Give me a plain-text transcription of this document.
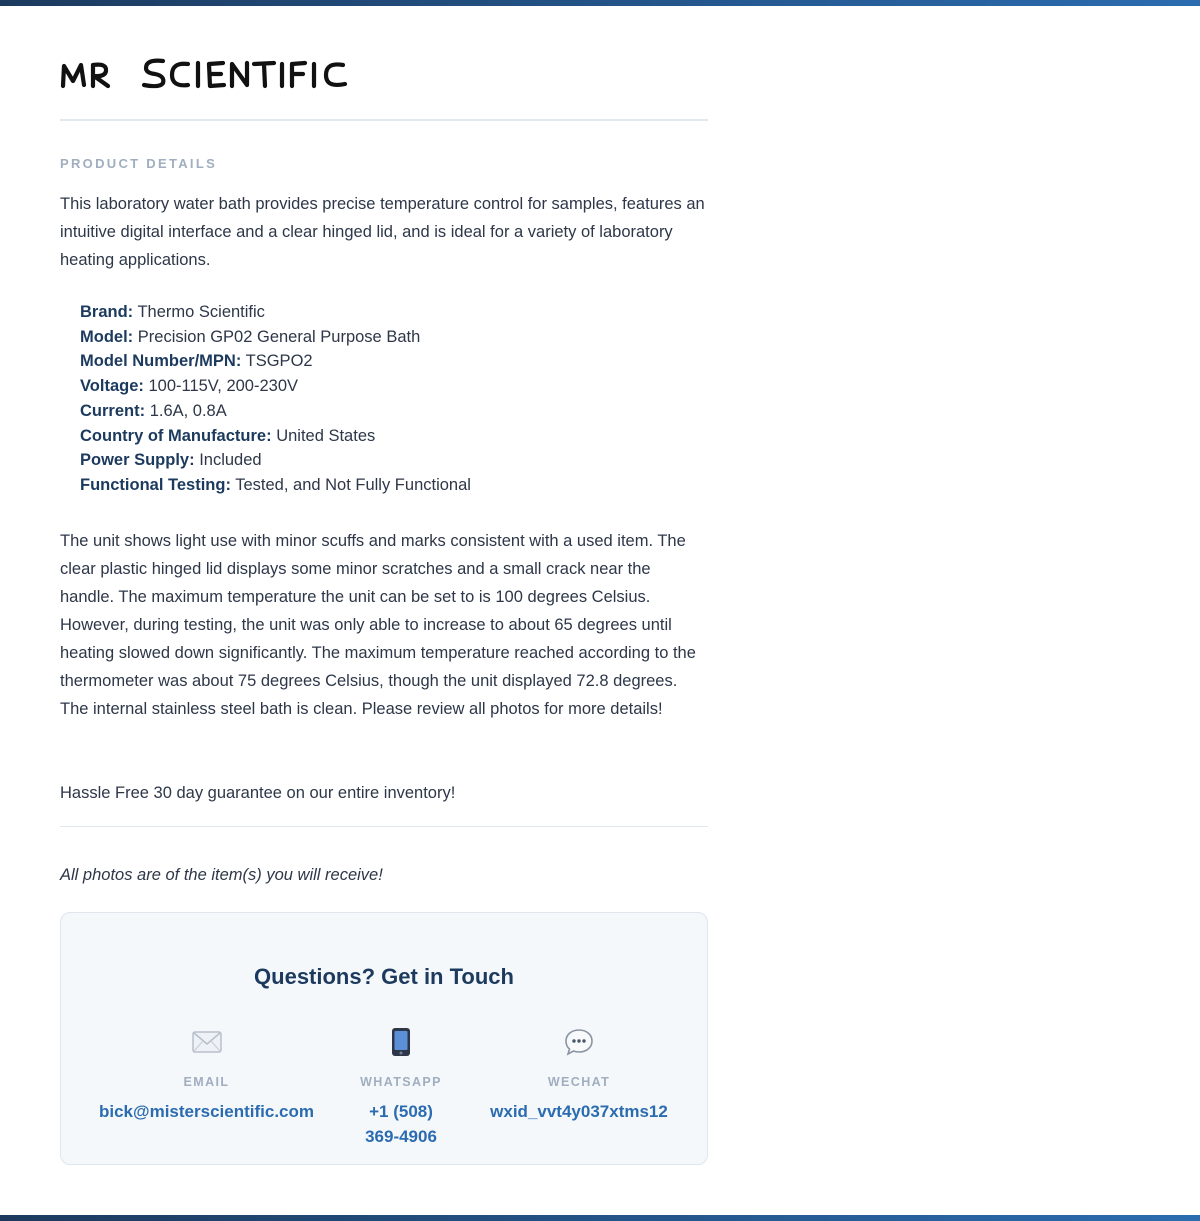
PRODUCT DETAILS
This laboratory water bath provides precise temperature control for samples, features an intuitive digital interface and a clear hinged lid, and is ideal for a variety of laboratory heating applications.
Brand: Thermo Scientific
Model: Precision GP02 General Purpose Bath
Model Number/MPN: TSGPO2
Voltage: 100-115V, 200-230V
Current: 1.6A, 0.8A
Country of Manufacture: United States
Power Supply: Included
Functional Testing: Tested, and Not Fully Functional
The unit shows light use with minor scuffs and marks consistent with a used item. The clear plastic hinged lid displays some minor scratches and a small crack near the handle. The maximum temperature the unit can be set to is 100 degrees Celsius. However, during testing, the unit was only able to increase to about 65 degrees until heating slowed down significantly. The maximum temperature reached according to the thermometer was about 75 degrees Celsius, though the unit displayed 72.8 degrees. The internal stainless steel bath is clean. Please review all photos for more details!
Hassle Free 30 day guarantee on our entire inventory!
All photos are of the item(s) you will receive!
Questions? Get in Touch
EMAIL
bick@misterscientific.com
WHATSAPP
+1 (508) 369-4906
WECHAT
wxid_vvt4y037xtms12
